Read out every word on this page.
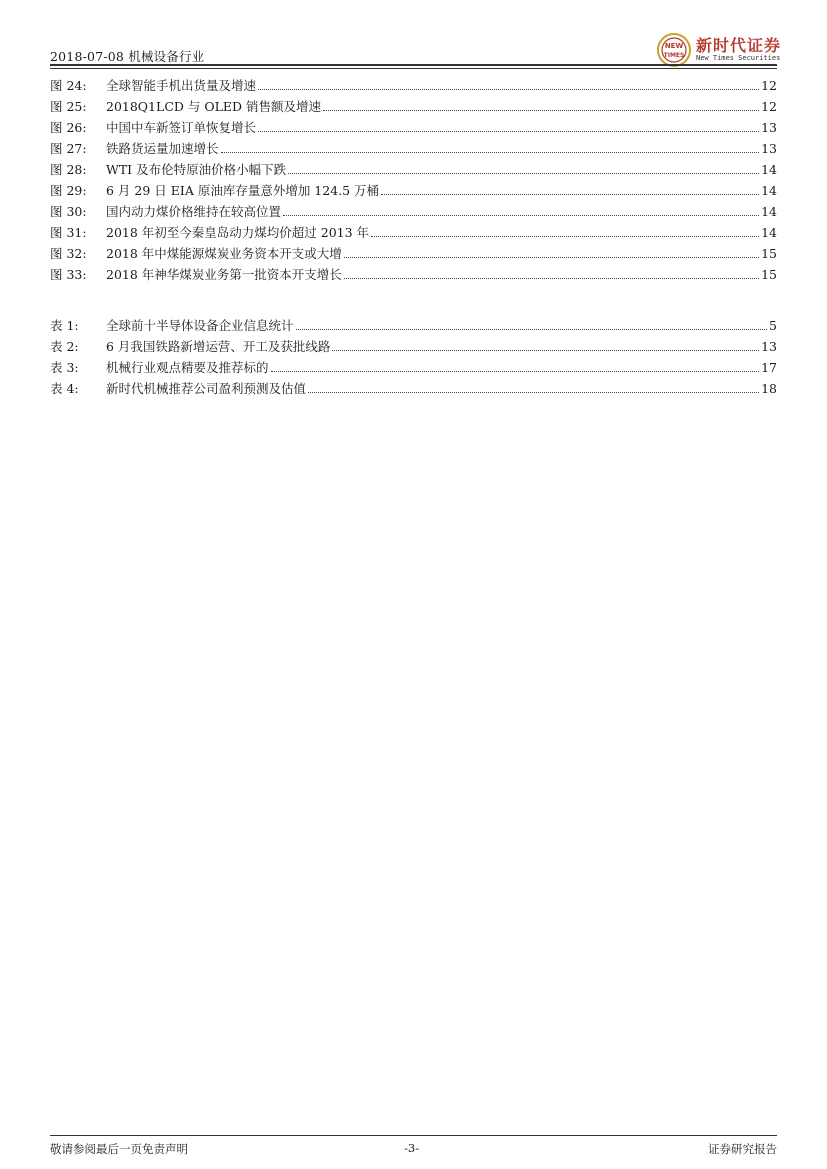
2018-07-08 机械设备行业
NEW
TIMES
新时代证券
New Times Securities
图 24:	全球智能手机出货量及增速	12
图 25:	2018Q1LCD 与 OLED 销售额及增速	12
图 26:	中国中车新签订单恢复增长	13
图 27:	铁路货运量加速增长	13
图 28:	WTI 及布伦特原油价格小幅下跌	14
图 29:	6 月 29 日 EIA 原油库存量意外增加 124.5 万桶	14
图 30:	国内动力煤价格维持在较高位置	14
图 31:	2018 年初至今秦皇岛动力煤均价超过 2013 年	14
图 32:	2018 年中煤能源煤炭业务资本开支或大增	15
图 33:	2018 年神华煤炭业务第一批资本开支增长	15
表 1:	全球前十半导体设备企业信息统计	5
表 2:	6 月我国铁路新增运营、开工及获批线路	13
表 3:	机械行业观点精要及推荐标的	17
表 4:	新时代机械推荐公司盈利预测及估值	18
敬请参阅最后一页免责声明	-3-	证券研究报告
